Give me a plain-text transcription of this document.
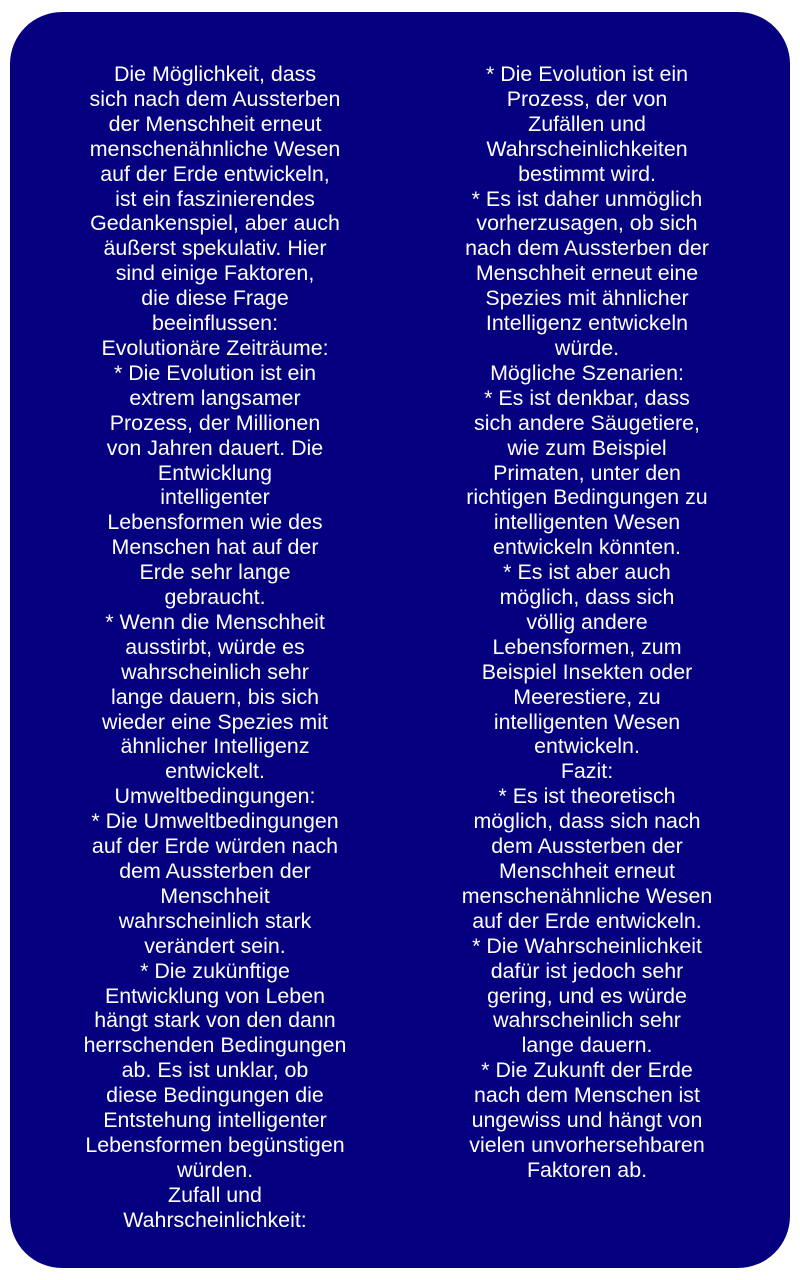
Die Möglichkeit, dass
sich nach dem Aussterben
der Menschheit erneut
menschenähnliche Wesen
auf der Erde entwickeln,
ist ein faszinierendes
Gedankenspiel, aber auch
äußerst spekulativ. Hier
sind einige Faktoren,
die diese Frage
beeinflussen:
Evolutionäre Zeiträume:
* Die Evolution ist ein
extrem langsamer
Prozess, der Millionen
von Jahren dauert. Die
Entwicklung
intelligenter
Lebensformen wie des
Menschen hat auf der
Erde sehr lange
gebraucht.
* Wenn die Menschheit
ausstirbt, würde es
wahrscheinlich sehr
lange dauern, bis sich
wieder eine Spezies mit
ähnlicher Intelligenz
entwickelt.
Umweltbedingungen:
* Die Umweltbedingungen
auf der Erde würden nach
dem Aussterben der
Menschheit
wahrscheinlich stark
verändert sein.
* Die zukünftige
Entwicklung von Leben
hängt stark von den dann
herrschenden Bedingungen
ab. Es ist unklar, ob
diese Bedingungen die
Entstehung intelligenter
Lebensformen begünstigen
würden.
Zufall und
Wahrscheinlichkeit:
* Die Evolution ist ein
Prozess, der von
Zufällen und
Wahrscheinlichkeiten
bestimmt wird.
* Es ist daher unmöglich
vorherzusagen, ob sich
nach dem Aussterben der
Menschheit erneut eine
Spezies mit ähnlicher
Intelligenz entwickeln
würde.
Mögliche Szenarien:
* Es ist denkbar, dass
sich andere Säugetiere,
wie zum Beispiel
Primaten, unter den
richtigen Bedingungen zu
intelligenten Wesen
entwickeln könnten.
* Es ist aber auch
möglich, dass sich
völlig andere
Lebensformen, zum
Beispiel Insekten oder
Meerestiere, zu
intelligenten Wesen
entwickeln.
Fazit:
* Es ist theoretisch
möglich, dass sich nach
dem Aussterben der
Menschheit erneut
menschenähnliche Wesen
auf der Erde entwickeln.
* Die Wahrscheinlichkeit
dafür ist jedoch sehr
gering, und es würde
wahrscheinlich sehr
lange dauern.
* Die Zukunft der Erde
nach dem Menschen ist
ungewiss und hängt von
vielen unvorhersehbaren
Faktoren ab.
